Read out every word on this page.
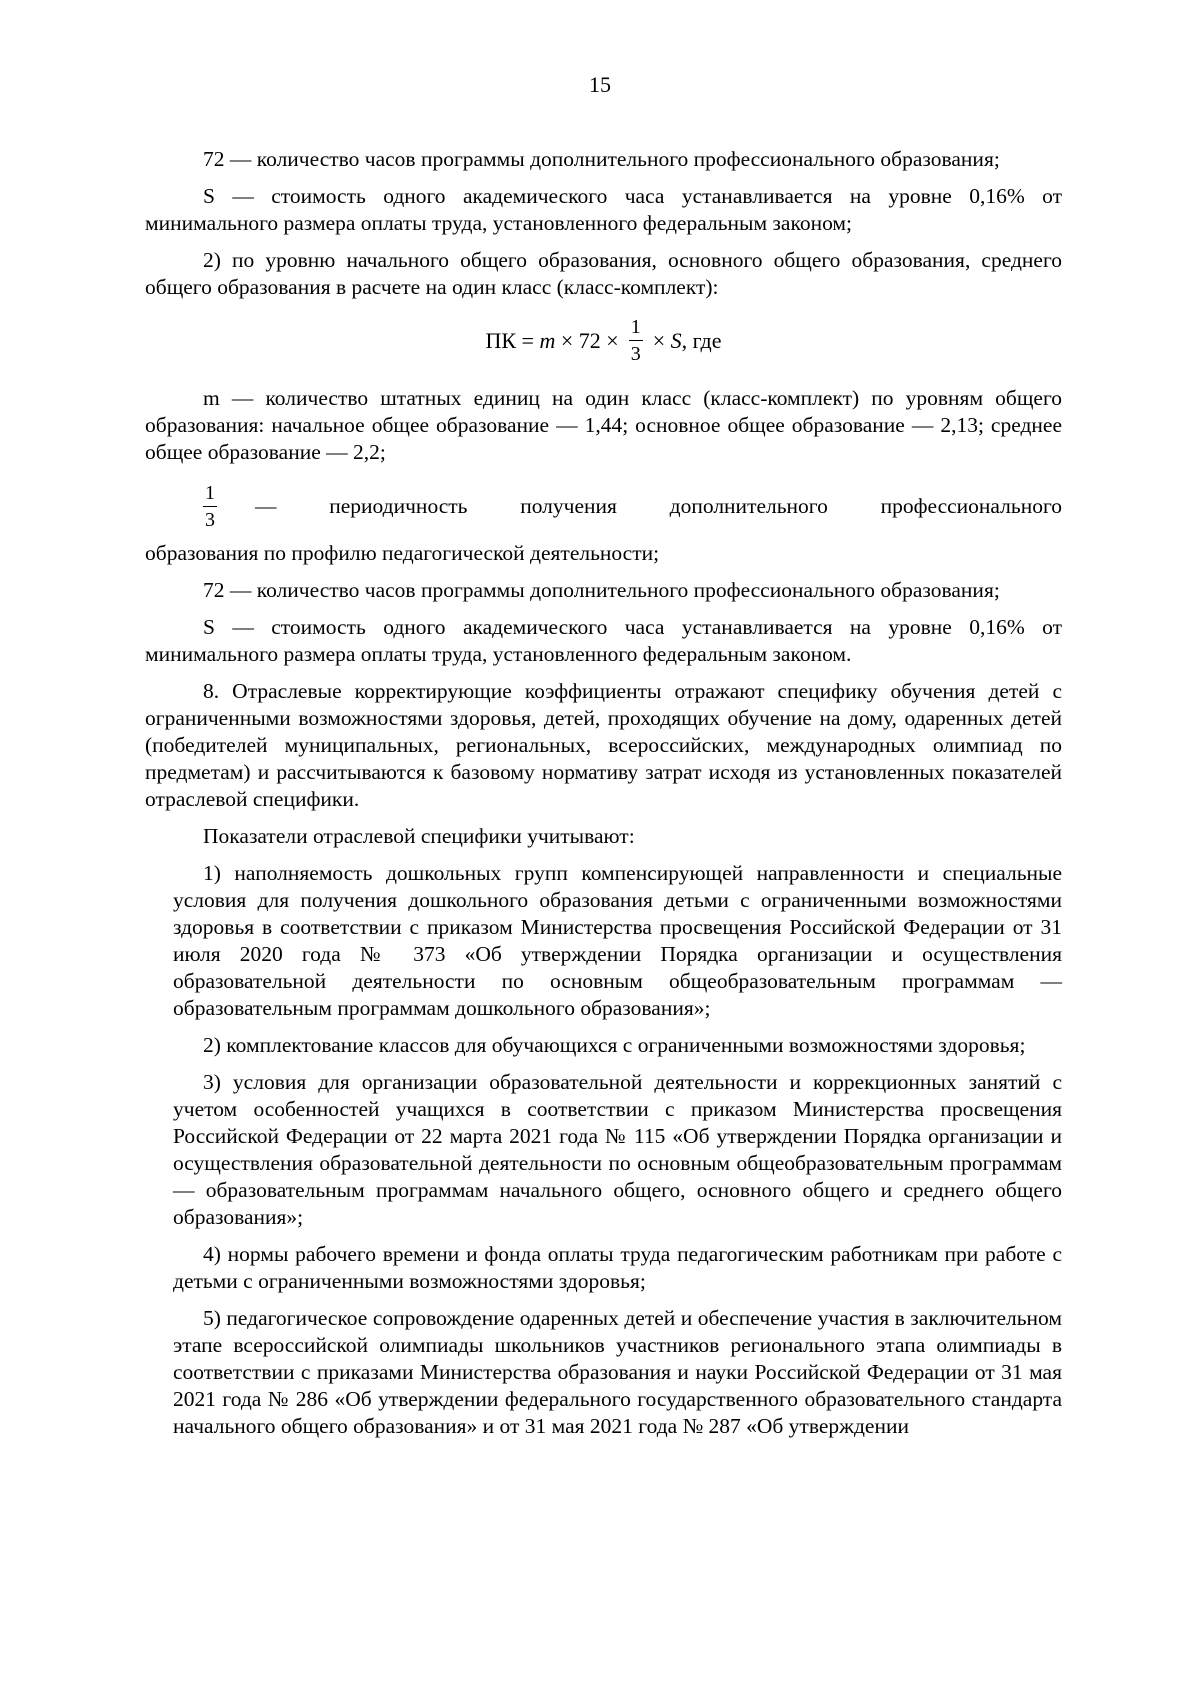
15

72 — количество часов программы дополнительного профессионального образования;

S — стоимость одного академического часа устанавливается на уровне 0,16% от минимального размера оплаты труда, установленного федеральным законом;

2) по уровню начального общего образования, основного общего образования, среднего общего образования в расчете на один класс (класс-комплект):

ПК =
m
× $72 \times \frac{1}{3}$ ×
S , где

m — количество штатных единиц на один класс (класс-комплект) по уровням общего образования: начальное общее образование — 1,44; основное общее образование — 2,13; среднее общее образование — 2,2;

$\frac{1}{3}$ — периодичность получения дополнительного профессионального

образования по профилю педагогической деятельности;

72 — количество часов программы дополнительного профессионального образования;

S — стоимость одного академического часа устанавливается на уровне 0,16% от минимального размера оплаты труда, установленного федеральным законом.

8. Отраслевые корректирующие коэффициенты отражают специфику обучения детей с ограниченными возможностями здоровья, детей, проходящих обучение на дому, одаренных детей (победителей муниципальных, региональных, всероссийских, международных олимпиад по предметам) и рассчитываются к базовому нормативу затрат исходя из установленных показателей отраслевой специфики.

Показатели отраслевой специфики учитывают:

1) наполняемость дошкольных групп компенсирующей направленности и специальные условия для получения дошкольного образования детьми с ограниченными возможностями здоровья в соответствии с приказом Министерства просвещения Российской Федерации от 31 июля 2020 года № 373 «Об утверждении Порядка организации и осуществления образовательной деятельности по основным общеобразовательным программам — образовательным программам дошкольного образования»;

2) комплектование классов для обучающихся с ограниченными возможностями здоровья;

3) условия для организации образовательной деятельности и коррекционных занятий с учетом особенностей учащихся в соответствии с приказом Министерства просвещения Российской Федерации от 22 марта 2021 года № 115 «Об утверждении Порядка организации и осуществления образовательной деятельности по основным общеобразовательным программам — образовательным программам начального общего, основного общего и среднего общего образования»;

4) нормы рабочего времени и фонда оплаты труда педагогическим работникам при работе с детьми с ограниченными возможностями здоровья;

5) педагогическое сопровождение одаренных детей и обеспечение участия в заключительном этапе всероссийской олимпиады школьников участников регионального этапа олимпиады в соответствии с приказами Министерства образования и науки Российской Федерации от 31 мая 2021 года № 286 «Об утверждении федерального государственного образовательного стандарта начального общего образования» и от 31 мая 2021 года № 287 «Об утверждении
